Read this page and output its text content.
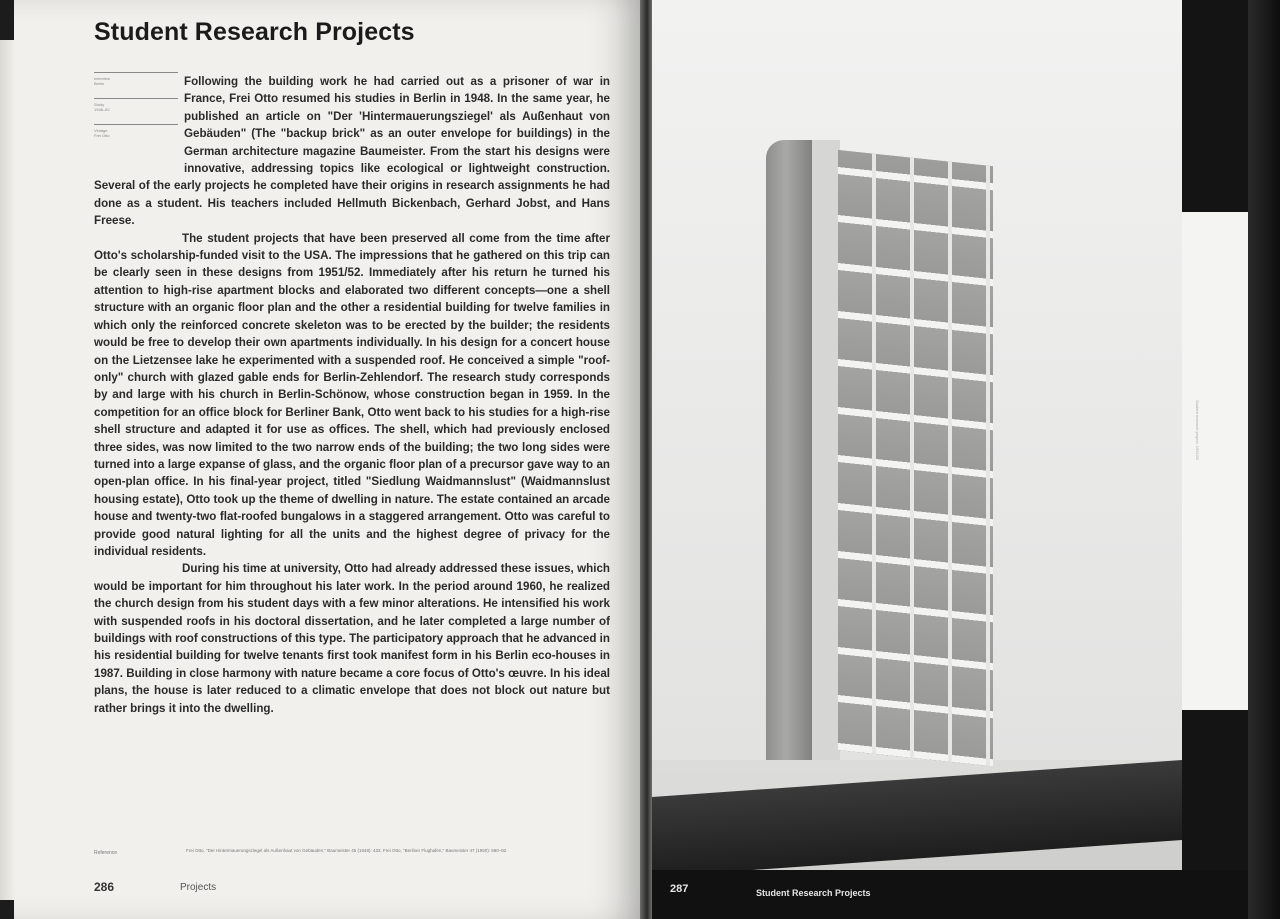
Student Research Projects
Interview
Berlin
Study
1948–52
Vintage
Frei Otto

Following the building work he had carried out as a prisoner of war in France, Frei Otto resumed his studies in Berlin in 1948. In the same year, he published an article on "Der 'Hintermauerungsziegel' als Außenhaut von Gebäuden" (The "backup brick" as an outer envelope for buildings) in the German architecture magazine Baumeister. From the start his designs were innovative, addressing topics like ecological or lightweight construction. Several of the early projects he completed have their origins in research assignments he had done as a student. His teachers included Hellmuth Bickenbach, Gerhard Jobst, and Hans Freese.

The student projects that have been preserved all come from the time after Otto's scholarship-funded visit to the USA. The impressions that he gathered on this trip can be clearly seen in these designs from 1951/52. Immediately after his return he turned his attention to high-rise apartment blocks and elaborated two different concepts—one a shell structure with an organic floor plan and the other a residential building for twelve families in which only the reinforced concrete skeleton was to be erected by the builder; the residents would be free to develop their own apartments individually. In his design for a concert house on the Lietzensee lake he experimented with a suspended roof. He conceived a simple "roof-only" church with glazed gable ends for Berlin-Zehlendorf. The research study corresponds by and large with his church in Berlin-Schönow, whose construction began in 1959. In the competition for an office block for Berliner Bank, Otto went back to his studies for a high-rise shell structure and adapted it for use as offices. The shell, which had previously enclosed three sides, was now limited to the two narrow ends of the building; the two long sides were turned into a large expanse of glass, and the organic floor plan of a precursor gave way to an open-plan office. In his final-year project, titled "Siedlung Waidmannslust" (Waidmannslust housing estate), Otto took up the theme of dwelling in nature. The estate contained an arcade house and twenty-two flat-roofed bungalows in a staggered arrangement. Otto was careful to provide good natural lighting for all the units and the highest degree of privacy for the individual residents.

During his time at university, Otto had already addressed these issues, which would be important for him throughout his later work. In the period around 1960, he realized the church design from his student days with a few minor alterations. He intensified his work with suspended roofs in his doctoral dissertation, and he later completed a large number of buildings with roof constructions of this type. The participatory approach that he advanced in his residential building for twelve tenants first took manifest form in his Berlin eco-houses in 1987. Building in close harmony with nature became a core focus of Otto's œuvre. In his ideal plans, the house is later reduced to a climatic envelope that does not block out nature but rather brings it into the dwelling.

Reference	Frei Otto, "Der Hintermauerungsziegel als Außenhaut von Gebäuden," Baumeister 45 (1948): 433. Frei Otto, "Berliner Flughafen," Baumeister 47 (1950): 680–82.
286	Projects
Student research project, 1951/52
287	Student Research Projects
